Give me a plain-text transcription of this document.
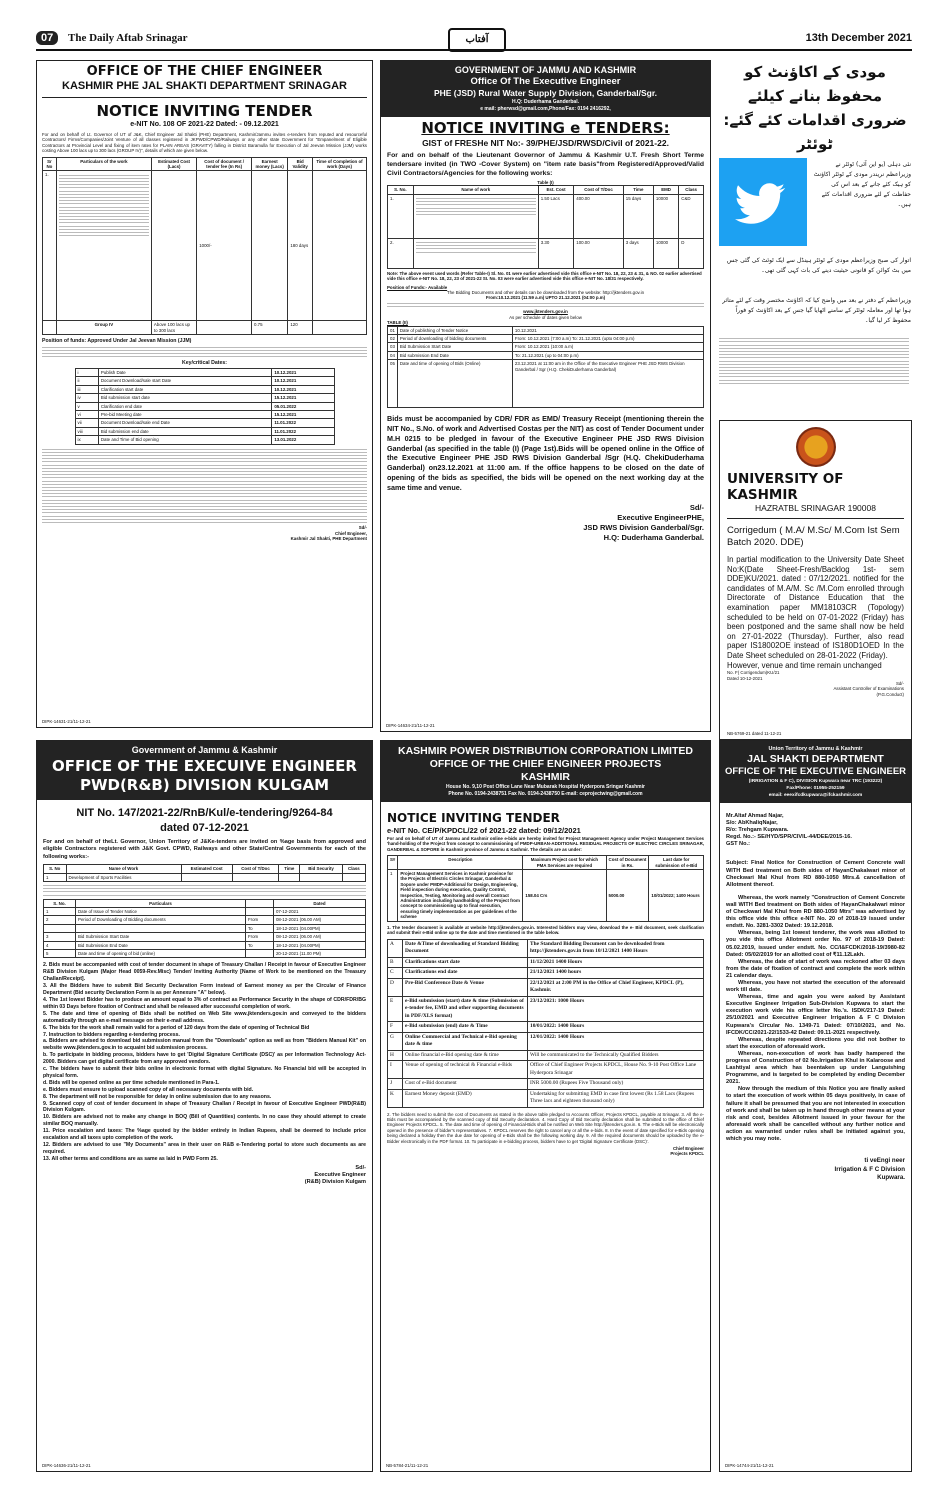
07	The Daily Aftab Srinagar	آفتاب	13th December 2021
OFFICE OF THE CHIEF ENGINEER
KASHMIR PHE JAL SHAKTI DEPARTMENT SRINAGAR
NOTICE INVITING TENDER
e-NIT No. 108 OF 2021-22 Dated: - 09.12.2021
For and on behalf of Lt. Governor of UT of J&K, Chief Engineer Jal Shakti (PHE) Department, Kashmir/Jammu invites e-tenders from reputed and resourceful Contractors/ Firms/Companies/Joint Venture of all classes registered in JKPWD/CPWD/Railways or any other state Government for "Empanelment of Eligible Contractors at Provincial Level and fixing of item rates for PLAIN AREAS (GRAVITY) falling in District Baramulla for Execution of Jal Jeevan Mission (JJM) works costing Above 100 lacs up to 300 lacs (GROUP IV)", details of which are given below.
Sr No	Particulars of the work	Estimated Cost (Lacs)	Cost of document / tender fee (In Rs)	Earnest money (Lacs)	Bid Validity	Time of Completion of work (Days)
1.			1000/-		180 days	
	Group IV	Above 100 lacs up to 300 lacs		0.75	120	
Position of funds: Approved Under Jal Jeevan Mission (JJM)
Key/critical Dates:
i	Publish Date	10.12.2021
ii	Document Download/sale start Date	10.12.2021
iii	Clarification start date	10.12.2021
iv	Bid submission start date	15.12.2021
v	Clarification end date	05.01.2022
vi	Pre-bid Meeting date	15.12.2021
vii	Document Download/sale end Date	11.01.2022
viii	Bid submission end date	11.01.2022
ix	Date and Time of Bid opening	13.01.2022
Sd/-
Chief Engineer,
Kashmir Jal Shakti, PHE Department
DIPK-14631-21/11-12-21
GOVERNMENT OF JAMMU AND KASHMIR
Office Of The Executive Engineer
PHE (JSD) Rural Water Supply Division, Ganderbal/Sgr.
H.Q: Duderhama Ganderbal.
e mail: pherwsd@gmail.com,Phone/Fax: 0194 2416292,
NOTICE INVITING e TENDERS:
GIST of FRESHe NIT No:- 39/PHE/JSD/RWSD/Civil of 2021-22.
For and on behalf of the Lieutenant Governor of Jammu & Kashmir U.T. Fresh Short Terme tendersare invited (in TWO -Cover System) on "item rate basis"from Registered/Approved/Valid Civil Contractors/Agencies for the following works:
Table (I)
S. No.	Name of work	Est. Cost	Cost of T/Doc	Time	EMD	Class
1.		1.50 Lacs	400.00	15 days	10000	C&D
2.		3.30	100.00	3 days	10000	D
Note: The above event used words (Refer Table-I) Sl. No. 01 were earlier advertised vide this office e-NIT No. 18, 22, 23 & 31, & NO. 02 earlier advertised vide this office e-NIT No. 18, 22, 23 of 2021-22 SI. No. 03 were earlier advertised vide this office e-NIT No. 18/31 respectively.
Position of Funds:- Available
The Bidding Documents and other details can be downloaded from the website: http://jktenders.gov.in
From:10.12.2021 (11:59 a.m) UPTO 21.12.2021 (04:00 p.m)
www.jktenders.gov.in
As per schedule of dates given below
TABLE (II)
01	Date of publishing of Tender Notice	10.12.2021
02	Period of downloading of bidding documents	From: 10.12.2021 (7:00 a.m) To: 21.12.2021 (upto 04:00 p.m)
03	Bid Submission Start Date	From: 10.12.2021 (10:00 a.m)
04	Bid submission End Date	To: 21.12.2021 (up to 04:00 p.m)
05	Date and time of opening of Bids (Online)	23.12.2021 at 11:00 am in the Office of the Executive Engineer PHE JSD RWS Division Ganderbal / Sgr (H.Q. ChekiDuderhama Ganderbal)
Bids must be accompanied by CDR/ FDR as EMD/ Treasury Receipt (mentioning therein the NIT No., S.No. of work and Advertised Costas per the NIT) as cost of Tender Document under M.H 0215 to be pledged in favour of the Executive Engineer PHE JSD RWS Division Ganderbal (as specified in the table (I) (Page 1st).Bids will be opened online in the Office of the Executive Engineer PHE JSD RWS Division Ganderbal /Sgr (H.Q. ChekiDuderhama Ganderbal) on23.12.2021 at 11:00 am. If the office happens to be closed on the date of opening of the bids as specified, the bids will be opened on the next working day at the same time and venue.
Sd/-
Executive EngineerPHE,
JSD RWS Division Ganderbal/Sgr.
H.Q: Duderhama Ganderbal.
DIPK-14634-21/11-12-21
مودی کے اکاؤنٹ کو محفوظ بنانے کیلئے
ضروری اقدامات کئے گئے: ٹوئٹر
نئی دہلی (یو این آئی) ٹوئٹر نے وزیراعظم نریندر مودی کے ٹوئٹر اکاؤنٹ کو ہیک کئے جانے کے بعد اس کی حفاظت کے لئے ضروری اقدامات کئے ہیں۔
اتوار کی صبح وزیراعظم مودی کے ٹوئٹر ہینڈل سے ایک ٹوئٹ کی گئی جس میں بٹ کوائن کو قانونی حیثیت دینے کی بات کہی گئی تھی۔
وزیراعظم کے دفتر نے بعد میں واضح کیا کہ اکاؤنٹ مختصر وقت کے لئے متاثر ہوا تھا اور معاملہ ٹوئٹر کے سامنے اٹھایا گیا جس کے بعد اکاؤنٹ کو فوراً محفوظ کر لیا گیا۔
UNIVERSITY OF KASHMIR
HAZRATBL SRINAGAR 190008
Corrigedum ( M.A/ M.Sc/ M.Com Ist Sem Batch 2020. DDE)
In partial modification to the University Date Sheet No:K(Date Sheet-Fresh/Backlog 1st- sem DDE)KU/2021. dated : 07/12/2021. notified for the candidates of M.A/M. Sc /M.Com enrolled through Directorate of Distance Education that the examination paper MM18103CR (Topology) scheduled to be held on 07-01-2022 (Friday) has been postponed and the same shall now be held on 27-01-2022 (Thursday). Further, also read paper IS18002OE instead of IS180D1OED In the Date Sheet scheduled on 28-01-2022 (Friday).
However, venue and time remain unchanged
No. F( Corrigendum)KU/21
Dated 10-12-2021
Sd/-
Assistant Controller of Examinations
(P.G.Conduct)
NB-5769-21 dated 11-12-21
Government of Jammu & Kashmir
OFFICE OF THE EXECUIVE ENGINEER
PWD(R&B) DIVISION KULGAM
NIT No. 147/2021-22/RnB/Kul/e-tendering/9264-84
dated 07-12-2021
For and on behalf of theLt. Governor, Union Territory of J&Ke-tenders are invited on %age basis from approved and eligible Contractors registered with J&K Govt. CPWD, Railways and other State/Central Governments for each of the following works:-
S. No	Name of Work	Estimated Cost	Cost of T/Doc	Time	Bid Security	Class
1	Development of Sports Facilities					
S. No.	Particulars		Dated
1	Date of Issue of Tender Notice		07-12-2021
2	Period of Downloading of Bidding documents	From	08-12-2021 (06.00 AM)
		To	18-12-2021 (04.00PM)
3	Bid Submission Start Date	From	08-12-2021 (06.00 AM)
4	Bid Submission End Date	To	18-12-2021 (04.00PM)
5	Date and time of opening of bid (online)		20-12-2021 (11.00 PM)
2. Bids must be accompanied with cost of tender document in shape of Treasury Challan / Receipt in favour of Executive Engineer R&B Division Kulgam (Major Head 0059-Rev.Misc) Tender/ Inviting Authority [Name of Work to be mentioned on the Treasury Challan/Receipt].
3. All the Bidders have to submit Bid Security Declaration Form instead of Earnest money as per the Circular of Finance Department (Bid security Declaration Form is as per Annexure "A" below).
4. The 1st lowest Bidder has to produce an amount equal to 3% of contract as Performance Security in the shape of CDR/FDR/BG within 03 Days before fixation of Contract and shall be released after successful completion of work.
5. The date and time of opening of Bids shall be notified on Web Site www.jktenders.gov.in and conveyed to the bidders automatically through an e-mail message on their e-mail address.
6. The bids for the work shall remain valid for a period of 120 days from the date of opening of Technical Bid
7. Instruction to bidders regarding e-tendering process.
a. Bidders are advised to download bid submission manual from the "Downloads" option as well as from "Bidders Manual Kit" on website www.jktenders.gov.in to acquaint bid submission process.
b. To participate in bidding process, bidders have to get 'Digital Signature Certificate (DSC)' as per Information Technology Act-2000. Bidders can get digital certificate from any approved vendors.
c. The bidders have to submit their bids online in electronic format with digital Signature. No Financial bid will be accepted in physical form.
d. Bids will be opened online as per time schedule mentioned in Para-1.
e. Bidders must ensure to upload scanned copy of all necessary documents with bid.
8. The department will not be responsible for delay in online submission due to any reasons.
9. Scanned copy of cost of tender document in shape of Treasury Challan / Receipt in favour of Executive Engineer PWD(R&B) Division Kulgam.
10. Bidders are advised not to make any change in BOQ (Bill of Quantities) contents. In no case they should attempt to create similar BOQ manually.
11. Price escalation and taxes: The %age quoted by the bidder entirely in Indian Rupees, shall be deemed to include price escalation and all taxes upto completion of the work.
12. Bidders are advised to use "My Documents" area in their user on R&B e-Tendering portal to store such documents as are required.
13. All other terms and conditions are as same as laid in PWD Form 25.
Sd/-
Executive Engineer
(R&B) Division Kulgam
DIPK-14636-21/11-12-21
KASHMIR POWER DISTRIBUTION CORPORATION LIMITED
OFFICE OF THE CHIEF ENGINEER PROJECTS
KASHMIR
House No. 9,10 Post Office Lane Near Mubarak Hospital Hyderpora Sringar Kashmir
Phone No. 0194-2438751 Fax No. 0194-2438750 E-mail: ceprojectwing@gmail.com
NOTICE INVITING TENDER
e-NIT No. CE/P/KPDCL/22 of 2021-22 dated: 09/12/2021
For and on behalf of UT of Jammu and Kashmir online e-bids are hereby invited for Project Management Agency under Project Management Services 'hand-holding of the Project from concept to commissioning of PMDP-URBAN-ADDITIONAL RESIDUAL PROJECTS OF ELECTRIC CIRCLES SRINAGAR, GANDERBAL & SOPORE in Kashmir province of Jammu & Kashmir. The details are as under:
S#	Description	Maximum Project cost for which PMA Services are required	Cost of Document in Rs.	Last date for submission of e-Bid
1	Project Management Services in Kashmir province for the Projects of Electric Circles Srinagar, Ganderbal & Sopore under PMDP-Additional for Design, Engineering, Field inspection during execution, Quality Control, Inspection, Testing, Monitoring and overall Contract Administration including handholding of the Project from concept to commissioning up to final execution, ensuring timely implementation as per guidelines of the scheme	158.04 Crs	5000.00	10/01/2022; 1400 Hours
1. The tender document is available at website http://jktenders.gov.in. Interested bidders may view, download the e- Bid document, seek clarification and submit their e-Bid online up to the date and time mentioned in the table below.
A	Date &Time of downloading of Standard Bidding Document	The Standard Bidding Document can be downloaded from http://jktenders.gov.in from 10/12/2021 1400 Hours
B	Clarifications start date	11/12/2021 1400 Hours
C	Clarifications end date	21/12/2021 1400 hours
D	Pre-Bid Conference Date & Venue	22/12/2021 at 2:00 PM in the Office of Chief Engineer, KPDCL (P), Kashmir.
E	e-Bid submission (start) date & time (Submission of e-tender fee, EMD and other supporting documents in PDF/XLS format)	23/12/2021: 1000 Hours
F	e-Bid submission (end) date & Time	10/01/2022: 1400 Hours
G	Online Commercial and Technical e-Bid opening date & time	12/01/2022: 1400 Hours
H	Online financial e-Bid opening date & time	Will be communicated to the Technically Qualified Bidders
I	Venue of opening of technical & Financial e-Bids	Office of Chief Engineer Projects KPDCL, House No. 9-10 Post Office Lane Hyderpora Srinagar
J	Cost of e-Bid document	INR 5000.00 (Rupees Five Thousand only)
K	Earnest Money deposit (EMD)	Undertaking for submitting EMD in case first lowest (Rs 1.58 Lacs (Rupees Three lacs and eighteen thousand only)
2. The bidders need to submit the cost of Documents as stated in the above table pledged to Accounts Officer, Projects KPDCL, payable at Srinagar. 3. All the e-Bids must be accompanied by the scanned copy of Bid Security declaration. 4. Hard Copy of Bid Security declaration shall be submitted to the office of Chief Engineer Projects KPDCL. 5. The date and time of opening of Financial-Bids shall be notified on Web Site http://jktenders.gov.in. 6. The e-Bids will be electronically opened in the presence of bidder's representatives. 7. KPDCL reserves the right to cancel any or all the e-bids. 8. In the event of date specified for e-Bids opening being declared a holiday then the due date for opening of e-Bids shall be the following working day. 9. All the required documents should be uploaded by the e-Bidder electronically in the PDF format. 10. To participate in e-bidding process, bidders have to get 'Digital Signature Certificate (DSC)'.
Chief Engineer
Projects KPDCL
NB-5784-21/11-12-21
Union Territory of Jammu & Kashmir
JAL SHAKTI DEPARTMENT
OFFICE OF THE EXECUTIVE ENGINEER
(IRRIGATION & F C), DIVISION Kupwara near TRC (193222)
Fax/Phone: 01955-252159
email: eeexifcdkupwara@ifckashmir.com
Mr.Altaf Ahmad Najar,
S/o: AbKhaliqNajar,
R/o: Trehgam Kupwara.
Regd. No.:- SE/HYD/SPR/CIVIL-44/DEE/2015-16.
GST No.:
Subject: Final Notice for Construction of Cement Concrete wall WITH Bed treatment on Both sides of HayanChakalwari minor of Checkwari Mal Khul from RD 880-1050 Mtrs.& cancellation of Allotment thereof.
Whereas, the work namely "Construction of Cement Concrete wall WITH Bed treatment on Both sides of HayanChakalwari minor of Checkwari Mal Khul from RD 880-1050 Mtrs" was advertised by this office vide this office e-NIT No. 20 of 2018-19 issued under endstt. No. 3281-3302 Dated: 19.12.2018.
Whereas, being 1st lowest tenderer, the work was allotted to you vide this office Allotment order No. 97 of 2018-19 Dated: 05.02.2019, issued under endstt. No. CC/I&FCDK/2018-19/3980-82 Dated: 05/02/2019 for an allotted cost of ₹11.12Lakh.
Whereas, the date of start of work was reckoned after 03 days from the date of fixation of contract and complete the work within 21 calendar days.
Whereas, you have not started the execution of the aforesaid work till date.
Whereas, time and again you were asked by Assistant Executive Engineer Irrigation Sub-Division Kupwara to start the execution work vide his office letter No.'s. ISDK/217-19 Dated: 25/10/2021 and Executive Engineer Irrigation & F C Division Kupwara's Circular No. 1349-71 Dated: 07/10/2021, and No. IFCDK/CC/2021-22/1533-42 Dated: 09.11-2021 respectively.
Whereas, despite repeated directions you did not bother to start the execution of aforesaid work.
Whereas, non-execution of work has badly hampered the progress of Construction of 02 No.Irrigation Khul in Kalaroose and Lashtiyal area which has beentaken up under Languishing Programme, and is targeted to be completed by ending December 2021.
Now through the medium of this Notice you are finally asked to start the execution of work within 05 days positively, in case of failure it shall be presumed that you are not interested in execution of work and shall be taken up in hand through other means at your risk and cost, besides Allotment issued in your favour for the aforesaid work shall be cancelled without any further notice and action as warranted under rules shall be initiated against you, which you may note.
ti veEngi neer
Irrigation & F C Division
Kupwara.
DIPK-14744-21/11-12-21
